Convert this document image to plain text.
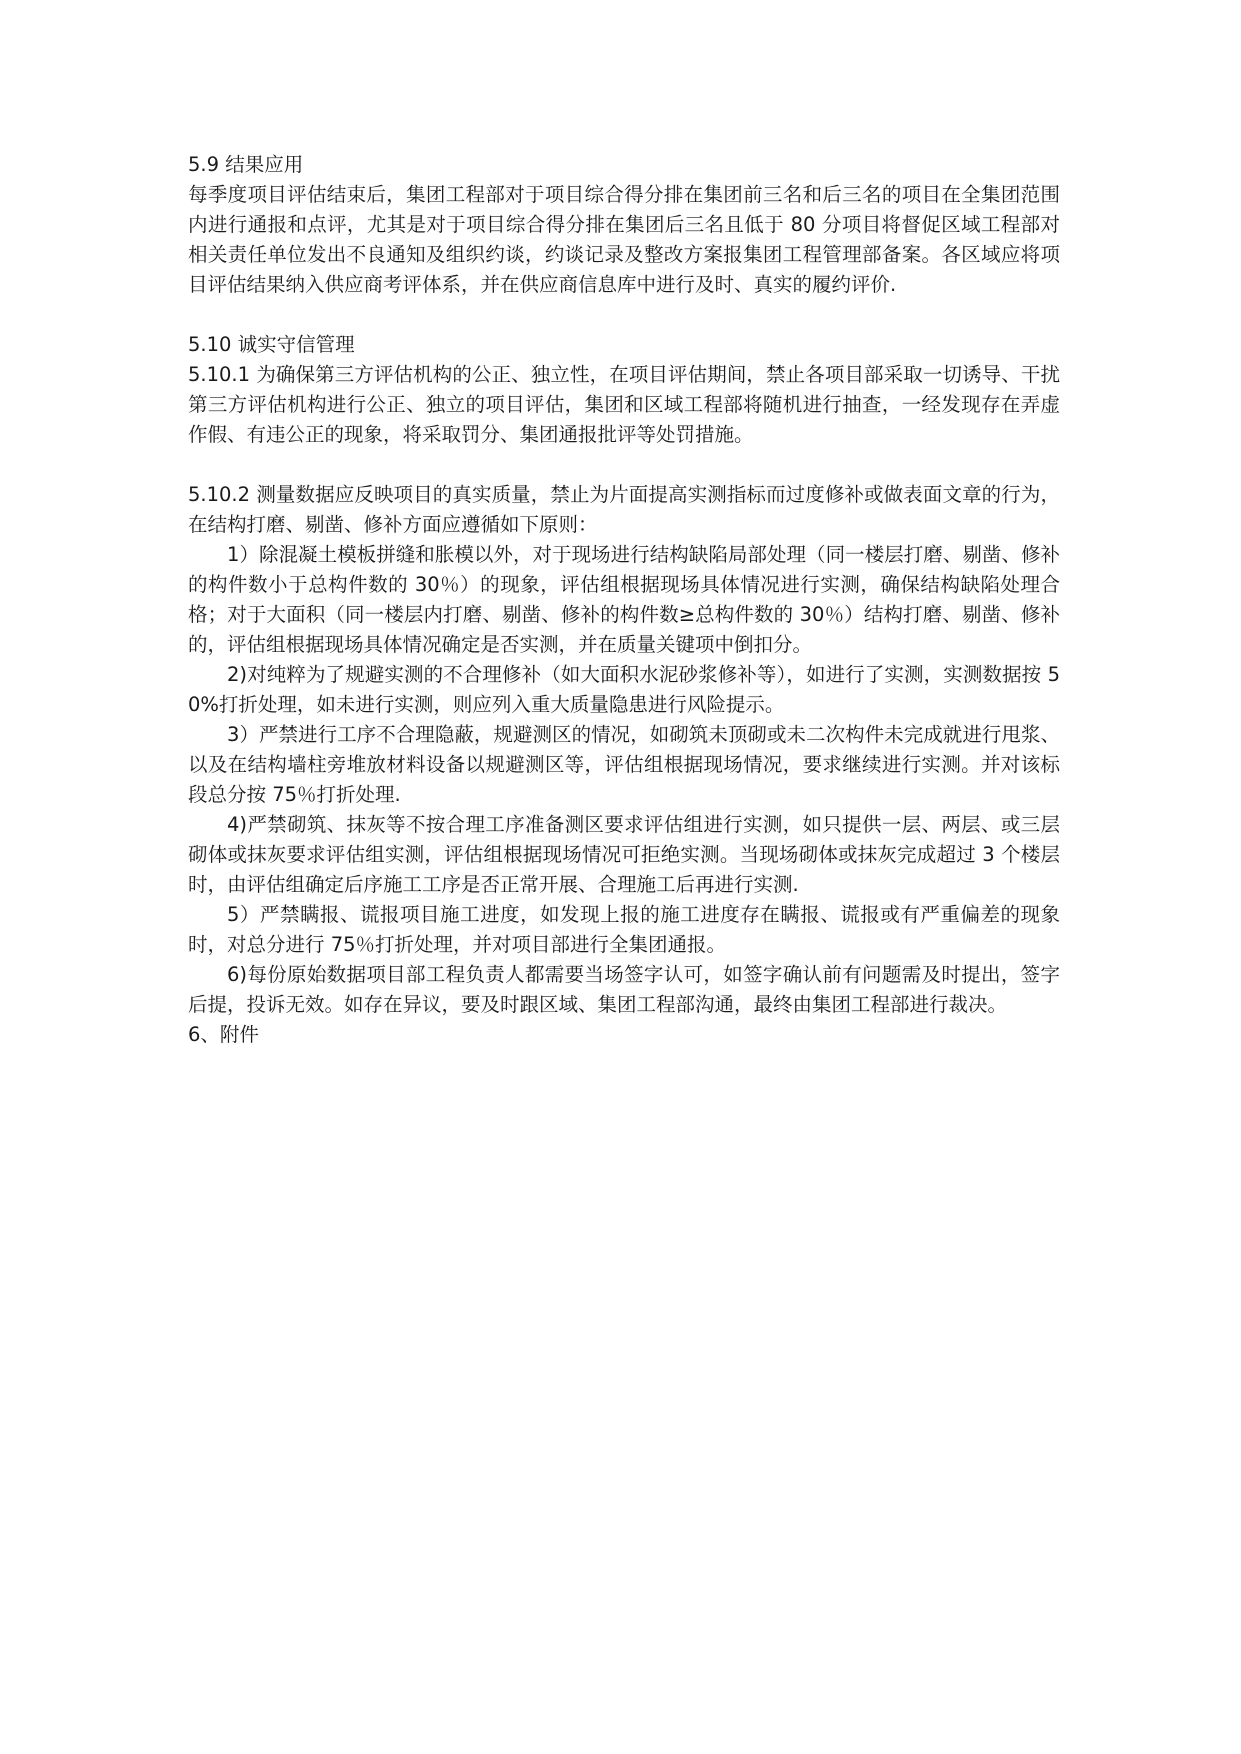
5.9 结果应用

每季度项目评估结束后，集团工程部对于项目综合得分排在集团前三名和后三名的项目在全集团范围内进行通报和点评，尤其是对于项目综合得分排在集团后三名且低于 80 分项目将督促区域工程部对相关责任单位发出不良通知及组织约谈，约谈记录及整改方案报集团工程管理部备案。各区域应将项目评估结果纳入供应商考评体系，并在供应商信息库中进行及时、真实的履约评价.

5.10 诚实守信管理

5.10.1 为确保第三方评估机构的公正、独立性，在项目评估期间，禁止各项目部采取一切诱导、干扰第三方评估机构进行公正、独立的项目评估，集团和区域工程部将随机进行抽查，一经发现存在弄虚作假、有违公正的现象，将采取罚分、集团通报批评等处罚措施。

5.10.2 测量数据应反映项目的真实质量，禁止为片面提高实测指标而过度修补或做表面文章的行为，在结构打磨、剔凿、修补方面应遵循如下原则：

1）除混凝土模板拼缝和胀模以外，对于现场进行结构缺陷局部处理（同一楼层打磨、剔凿、修补的构件数小于总构件数的 30％）的现象，评估组根据现场具体情况进行实测，确保结构缺陷处理合格；对于大面积（同一楼层内打磨、剔凿、修补的构件数≥总构件数的 30％）结构打磨、剔凿、修补的，评估组根据现场具体情况确定是否实测，并在质量关键项中倒扣分。

2)对纯粹为了规避实测的不合理修补（如大面积水泥砂浆修补等），如进行了实测，实测数据按 50%打折处理，如未进行实测，则应列入重大质量隐患进行风险提示。

3）严禁进行工序不合理隐蔽，规避测区的情况，如砌筑未顶砌或未二次构件未完成就进行甩浆、以及在结构墙柱旁堆放材料设备以规避测区等，评估组根据现场情况，要求继续进行实测。并对该标段总分按 75％打折处理.

4)严禁砌筑、抹灰等不按合理工序准备测区要求评估组进行实测，如只提供一层、两层、或三层砌体或抹灰要求评估组实测，评估组根据现场情况可拒绝实测。当现场砌体或抹灰完成超过 3 个楼层时，由评估组确定后序施工工序是否正常开展、合理施工后再进行实测.

5）严禁瞒报、谎报项目施工进度，如发现上报的施工进度存在瞒报、谎报或有严重偏差的现象时，对总分进行 75％打折处理，并对项目部进行全集团通报。

6)每份原始数据项目部工程负责人都需要当场签字认可，如签字确认前有问题需及时提出，签字后提，投诉无效。如存在异议，要及时跟区域、集团工程部沟通，最终由集团工程部进行裁决。

6、附件
